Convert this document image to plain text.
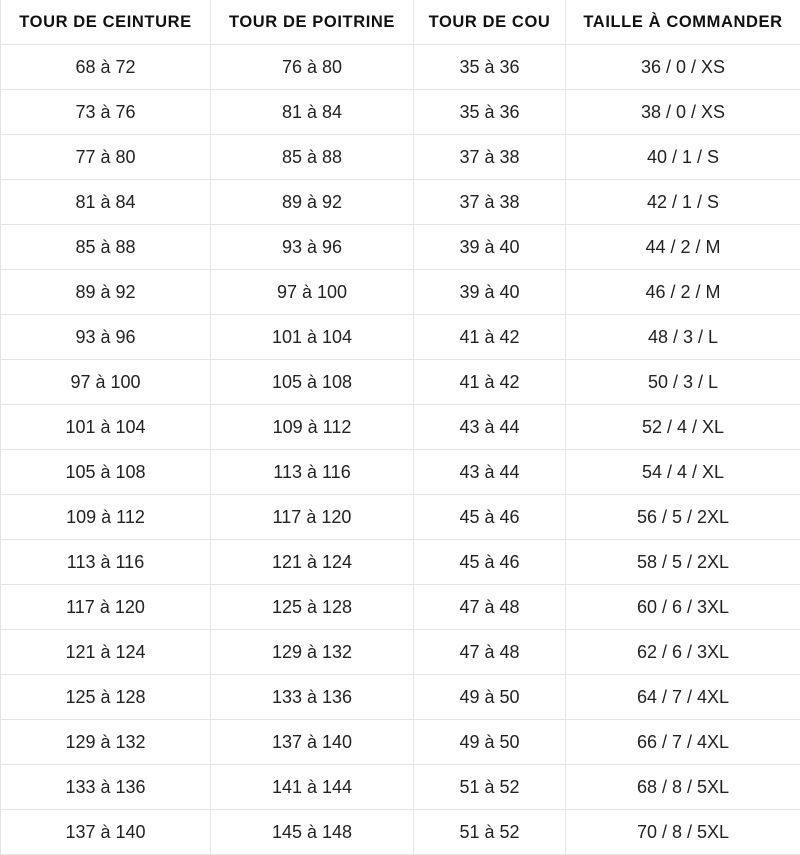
TOUR DE CEINTURE	TOUR DE POITRINE	TOUR DE COU	TAILLE À COMMANDER
68 à 72	76 à 80	35 à 36	36 / 0 / XS
73 à 76	81 à 84	35 à 36	38 / 0 / XS
77 à 80	85 à 88	37 à 38	40 / 1 / S
81 à 84	89 à 92	37 à 38	42 / 1 / S
85 à 88	93 à 96	39 à 40	44 / 2 / M
89 à 92	97 à 100	39 à 40	46 / 2 / M
93 à 96	101 à 104	41 à 42	48 / 3 / L
97 à 100	105 à 108	41 à 42	50 / 3 / L
101 à 104	109 à 112	43 à 44	52 / 4 / XL
105 à 108	113 à 116	43 à 44	54 / 4 / XL
109 à 112	117 à 120	45 à 46	56 / 5 / 2XL
113 à 116	121 à 124	45 à 46	58 / 5 / 2XL
117 à 120	125 à 128	47 à 48	60 / 6 / 3XL
121 à 124	129 à 132	47 à 48	62 / 6 / 3XL
125 à 128	133 à 136	49 à 50	64 / 7 / 4XL
129 à 132	137 à 140	49 à 50	66 / 7 / 4XL
133 à 136	141 à 144	51 à 52	68 / 8 / 5XL
137 à 140	145 à 148	51 à 52	70 / 8 / 5XL
